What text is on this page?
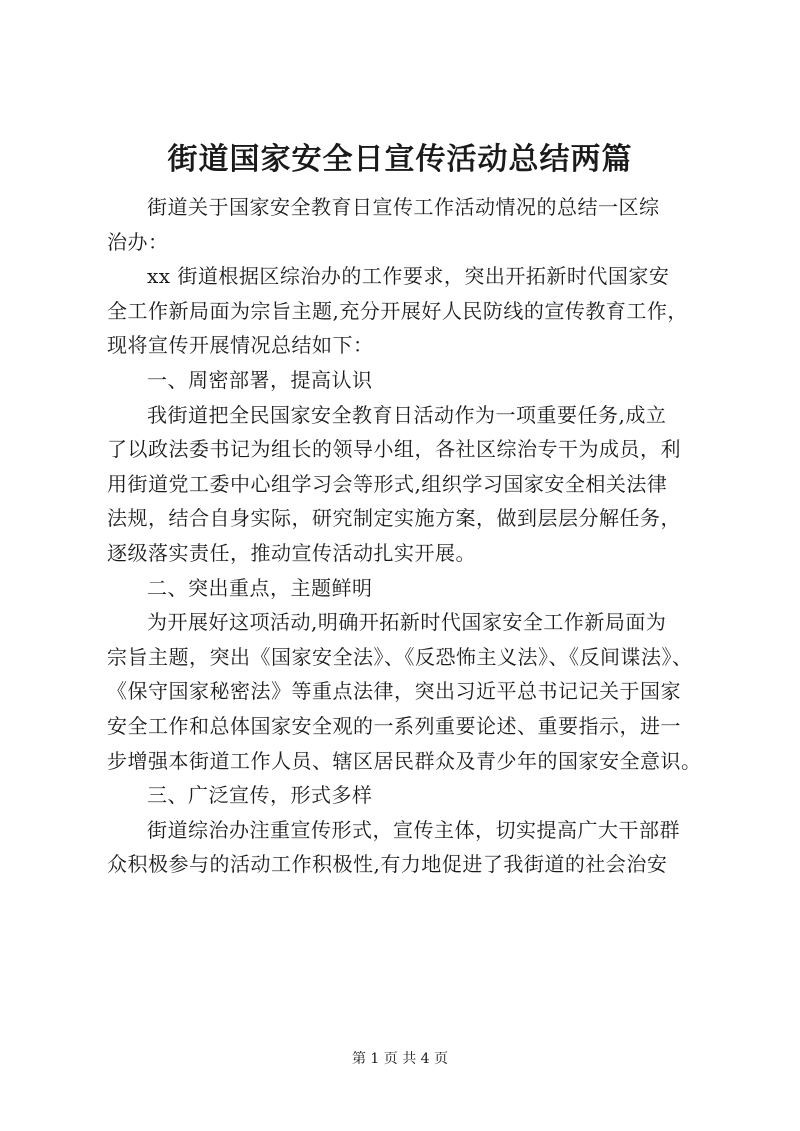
街道国家安全日宣传活动总结两篇

街道关于国家安全教育日宣传工作活动情况的总结一区综

治办：

xx 街道根据区综治办的工作要求，突出开拓新时代国家安

全工作新局面为宗旨主题,充分开展好人民防线的宣传教育工作，

现将宣传开展情况总结如下：

一、周密部署，提高认识

我街道把全民国家安全教育日活动作为一项重要任务,成立

了以政法委书记为组长的领导小组，各社区综治专干为成员，利

用街道党工委中心组学习会等形式,组织学习国家安全相关法律

法规，结合自身实际，研究制定实施方案，做到层层分解任务，

逐级落实责任，推动宣传活动扎实开展。

二、突出重点，主题鲜明

为开展好这项活动,明确开拓新时代国家安全工作新局面为

宗旨主题，突出《国家安全法》、《反恐怖主义法》、《反间谍法》、

《保守国家秘密法》等重点法律，突出习近平总书记记关于国家

安全工作和总体国家安全观的一系列重要论述、重要指示，进一

步增强本街道工作人员、辖区居民群众及青少年的国家安全意识。

三、广泛宣传，形式多样

街道综治办注重宣传形式，宣传主体，切实提高广大干部群

众积极参与的活动工作积极性,有力地促进了我街道的社会治安

第 1 页 共 4 页
